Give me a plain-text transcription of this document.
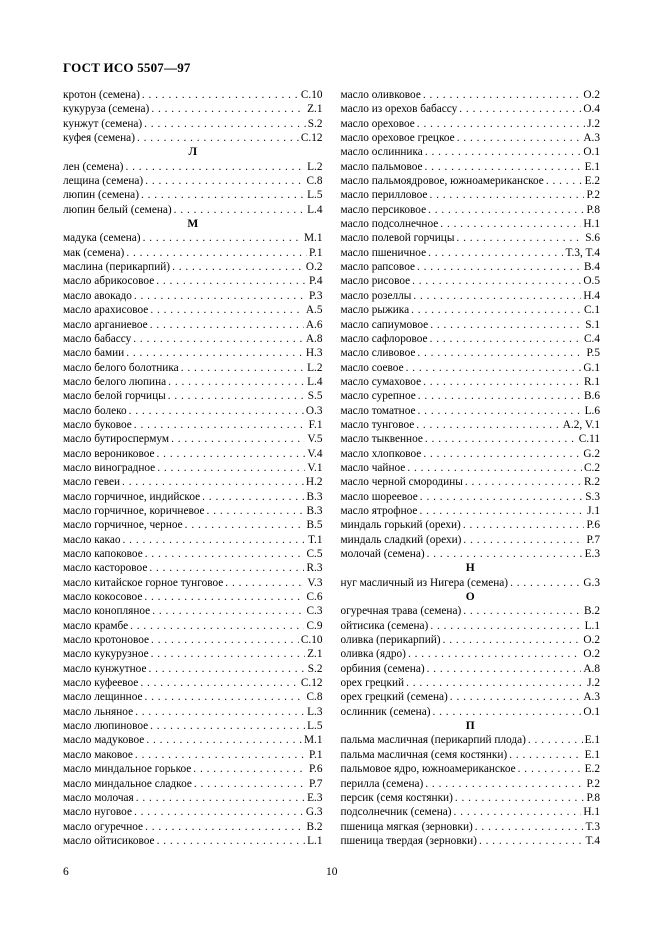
ГОСТ ИСО 5507—97
кротон (семена) . . .	C.10
кукуруза (семена) . . .	Z.1
кунжут (семена) . . .	S.2
куфея (семена) . . .	C.12
Л
лен (семена) . . .	L.2
лещина (семена) . . .	C.8
люпин (семена) . . .	L.5
люпин белый (семена) . . .	L.4
М
мадука (семена) . . .	M.1
мак (семена) . . .	P.1
маслина (перикарпий) . . .	O.2
масло абрикосовое . . .	P.4
масло авокадо . . .	P.3
масло арахисовое . . .	A.5
масло арганиевое . . .	A.6
масло бабассу . . .	A.8
масло бамии . . .	H.3
масло белого болотника . . .	L.2
масло белого люпина . . .	L.4
масло белой горчицы . . .	S.5
масло болеко . . .	O.3
масло буковое . . .	F.1
масло бутироспермум . . .	V.5
масло верониковое . . .	V.4
масло виноградное . . .	V.1
масло гевеи . . .	H.2
масло горчичное, индийское . . .	B.3
масло горчичное, коричневое . . .	B.3
масло горчичное, черное . . .	B.5
масло какао . . .	T.1
масло капоковое . . .	C.5
масло касторовое . . .	R.3
масло китайское горное тунговое . . .	V.3
масло кокосовое . . .	C.6
масло конопляное . . .	C.3
масло крамбе . . .	C.9
масло кротоновое . . .	C.10
масло кукурузное . . .	Z.1
масло кунжутное . . .	S.2
масло куфеевое . . .	C.12
масло лещинное . . .	C.8
масло льняное . . .	L.3
масло люпиновое . . .	L.5
масло мадуковое . . .	M.1
масло маковое . . .	P.1
масло миндальное горькое . . .	P.6
масло миндальное сладкое . . .	P.7
масло молочая . . .	E.3
масло нуговое . . .	G.3
масло огуречное . . .	B.2
масло ойтисиковое . . .	L.1
масло оливковое . . .	O.2
масло из орехов бабассу . . .	O.4
масло ореховое . . .	J.2
масло ореховое грецкое . . .	A.3
масло ослинника . . .	O.1
масло пальмовое . . .	E.1
масло пальмоядровое, южноамериканское . . .	E.2
масло перилловое . . .	P.2
масло персиковое . . .	P.8
масло подсолнечное . . .	H.1
масло полевой горчицы . . .	S.6
масло пшеничное . . .	T.3, T.4
масло рапсовое . . .	B.4
масло рисовое . . .	O.5
масло розеллы . . .	H.4
масло рыжика . . .	C.1
масло сапиумовое . . .	S.1
масло сафлоровое . . .	C.4
масло сливовое . . .	P.5
масло соевое . . .	G.1
масло сумаховое . . .	R.1
масло сурепное . . .	B.6
масло томатное . . .	L.6
масло тунговое . . .	A.2, V.1
масло тыквенное . . .	C.11
масло хлопковое . . .	G.2
масло чайное . . .	C.2
масло черной смородины . . .	R.2
масло шореевое . . .	S.3
масло ятрофное . . .	J.1
миндаль горький (орехи) . . .	P.6
миндаль сладкий (орехи) . . .	P.7
молочай (семена) . . .	E.3
Н
нуг масличный из Нигера (семена) . . .	G.3
О
огуречная трава (семена) . . .	B.2
ойтисика (семена) . . .	L.1
оливка (перикарпий) . . .	O.2
оливка (ядро) . . .	O.2
орбиния (семена) . . .	A.8
орех грецкий . . .	J.2
орех грецкий (семена) . . .	A.3
ослинник (семена) . . .	O.1
П
пальма масличная (перикарпий плода) . . .	E.1
пальма масличная (семя костянки) . . .	E.1
пальмовое ядро, южноамериканское . . .	E.2
перилла (семена) . . .	P.2
персик (семя костянки) . . .	P.8
подсолнечник (семена) . . .	H.1
пшеница мягкая (зерновки) . . .	T.3
пшеница твердая (зерновки) . . .	T.4
6	10
